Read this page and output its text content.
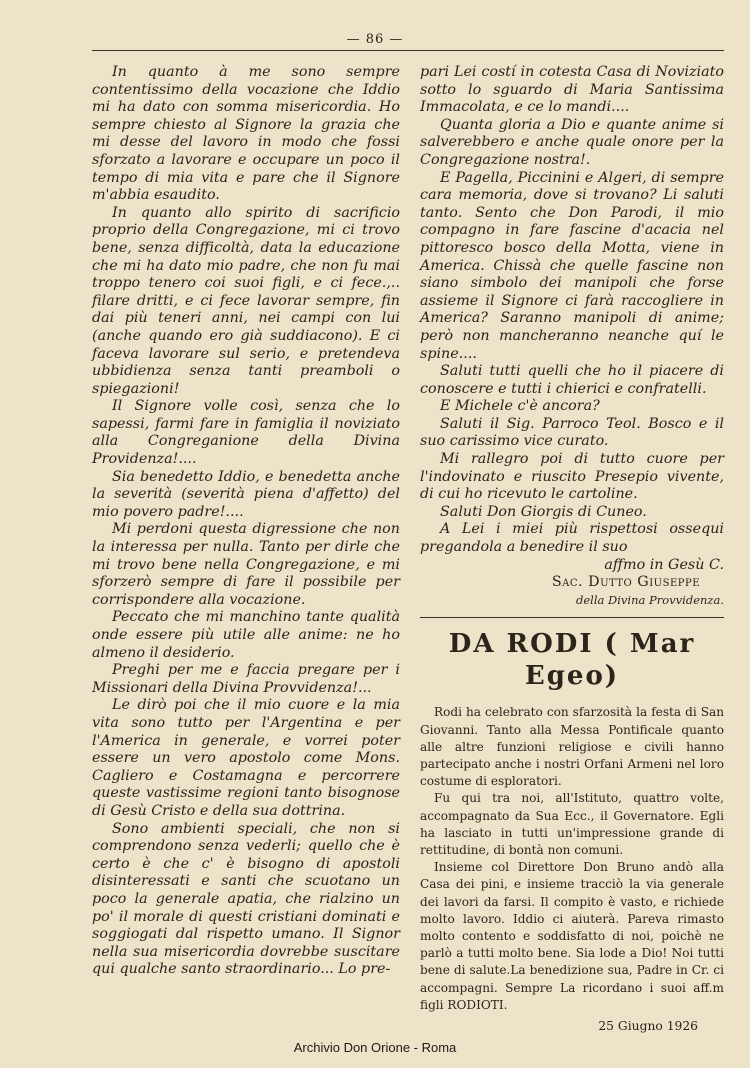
— 86 —

In quanto à me sono sempre contentissimo della vocazione che Iddio mi ha dato con somma misericordia. Ho sempre chiesto al Signore la grazia che mi desse del lavoro in modo che fossi sforzato a lavorare e occupare un poco il tempo di mia vita e pare che il Signore m'abbia esaudito.

In quanto allo spirito di sacrificio proprio della Congregazione, mi ci trovo bene, senza difficoltà, data la educazione che mi ha dato mio padre, che non fu mai troppo tenero coi suoi figli, e ci fece.,.. filare dritti, e ci fece lavorar sempre, fin dai più teneri anni, nei campi con lui (anche quando ero già suddiacono). E ci faceva lavorare sul serio, e pretendeva ubbidienza senza tanti preamboli o spiegazioni!

Il Signore volle così, senza che lo sapessi, farmi fare in famiglia il noviziato alla Congreganione della Divina Providenza!....

Sia benedetto Iddio, e benedetta anche la severità (severità piena d'affetto) del mio povero padre!....

Mi perdoni questa digressione che non la interessa per nulla. Tanto per dirle che mi trovo bene nella Congregazione, e mi sforzerò sempre di fare il possibile per corrispondere alla vocazione.

Peccato che mi manchino tante qualità onde essere più utile alle anime: ne ho almeno il desiderio.

Preghi per me e faccia pregare per i Missionari della Divina Provvidenza!...

Le dirò poi che il mio cuore e la mia vita sono tutto per l'Argentina e per l'America in generale, e vorrei poter essere un vero apostolo come Mons. Cagliero e Costamagna e percorrere queste vastissime regioni tanto bisognose di Gesù Cristo e della sua dottrina.

Sono ambienti speciali, che non si comprendono senza vederli; quello che è certo è che c' è bisogno di apostoli disinteressati e santi che scuotano un poco la generale apatia, che rialzino un po' il morale di questi cristiani dominati e soggiogati dal rispetto umano. Il Signor nella sua misericordia dovrebbe suscitare qui qualche santo straordinario... Lo pre-

pari Lei costí in cotesta Casa di Noviziato sotto lo sguardo di Maria Santissima Immacolata, e ce lo mandi....

Quanta gloria a Dio e quante anime si salverebbero e anche quale onore per la Congregazione nostra!.

E Pagella, Piccinini e Algeri, di sempre cara memoria, dove si trovano? Li saluti tanto. Sento che Don Parodi, il mio compagno in fare fascine d'acacia nel pittoresco bosco della Motta, viene in America. Chissà che quelle fascine non siano simbolo dei manipoli che forse assieme il Signore ci farà raccogliere in America? Saranno manipoli di anime; però non mancheranno neanche quí le spine....

Saluti tutti quelli che ho il piacere di conoscere e tutti i chierici e confratelli.

E Michele c'è ancora?

Saluti il Sig. Parroco Teol. Bosco e il suo carissimo vice curato.

Mi rallegro poi di tutto cuore per l'indovinato e riuscito Presepio vivente, di cui ho ricevuto le cartoline.

Saluti Don Giorgis di Cuneo.

A Lei i miei più rispettosi ossequi pregandola a benedire il suo

affmo in Gesù C.
Sac. Dutto Giuseppe
della Divina Provvidenza.
DA RODI ( Mar Egeo)

Rodi ha celebrato con sfarzosità la festa di San Giovanni. Tanto alla Messa Pontificale quanto alle altre funzioni religiose e civili hanno partecipato anche i nostri Orfani Armeni nel loro costume di esploratori.

Fu qui tra noi, all'Istituto, quattro volte, accompagnato da Sua Ecc., il Governatore. Egli ha lasciato in tutti un'impressione grande di rettitudine, di bontà non comuni.

Insieme col Direttore Don Bruno andò alla Casa dei pini, e insieme tracciò la via generale dei lavori da farsi. Il compito è vasto, e richiede molto lavoro. Iddio ci aiuterà. Pareva rimasto molto contento e soddisfatto di noi, poichè ne parlò a tutti molto bene. Sia lode a Dio! Noi tutti bene di salute.La benedizione sua, Padre in Cr. ci accompagni. Sempre La ricordano i suoi aff.m figli RODIOTI.

25 Giugno 1926
Archivio Don Orione - Roma
